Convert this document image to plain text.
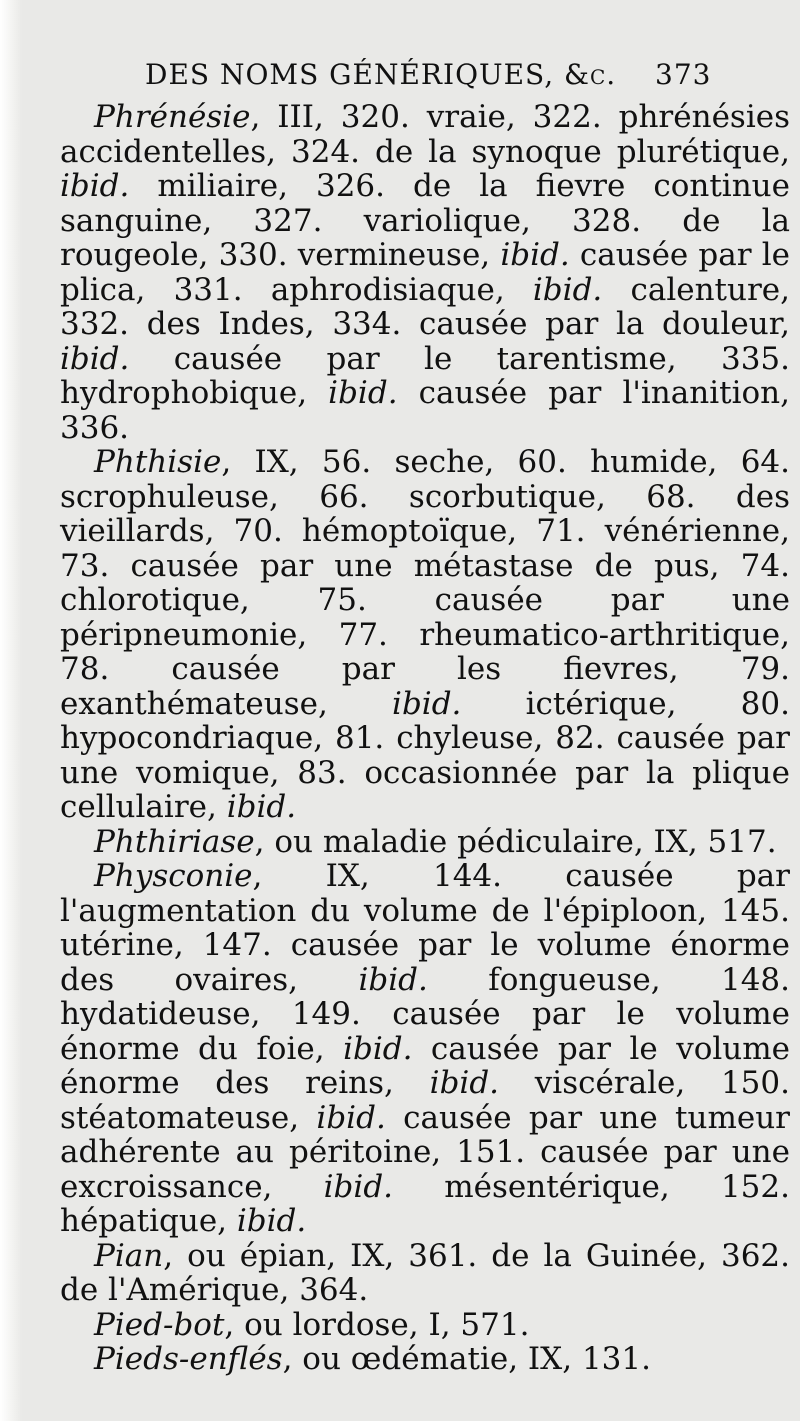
DES NOMS GÉNÉRIQUES, &c. 373

Phrénésie, III, 320. vraie, 322. phrénésies accidentelles, 324. de la synoque plurétique, ibid. miliaire, 326. de la fievre continue sanguine, 327. variolique, 328. de la rougeole, 330. vermineuse, ibid. causée par le plica, 331. aphrodisiaque, ibid. calenture, 332. des Indes, 334. causée par la douleur, ibid. causée par le tarentisme, 335. hydrophobique, ibid. causée par l'inanition, 336.

Phthisie, IX, 56. seche, 60. humide, 64. scrophuleuse, 66. scorbutique, 68. des vieillards, 70. hémoptoïque, 71. vénérienne, 73. causée par une métastase de pus, 74. chlorotique, 75. causée par une péripneumonie, 77. rheumatico-arthritique, 78. causée par les fievres, 79. exanthémateuse, ibid. ictérique, 80. hypocondriaque, 81. chyleuse, 82. causée par une vomique, 83. occasionnée par la plique cellulaire, ibid.

Phthiriase, ou maladie pédiculaire, IX, 517.

Physconie, IX, 144. causée par l'augmentation du volume de l'épiploon, 145. utérine, 147. causée par le volume énorme des ovaires, ibid. fongueuse, 148. hydatideuse, 149. causée par le volume énorme du foie, ibid. causée par le volume énorme des reins, ibid. viscérale, 150. stéatomateuse, ibid. causée par une tumeur adhérente au péritoine, 151. causée par une excroissance, ibid. mésentérique, 152. hépatique, ibid.

Pian, ou épian, IX, 361. de la Guinée, 362. de l'Amérique, 364.

Pied-bot, ou lordose, I, 571.

Pieds-enflés, ou œdématie, IX, 131.
